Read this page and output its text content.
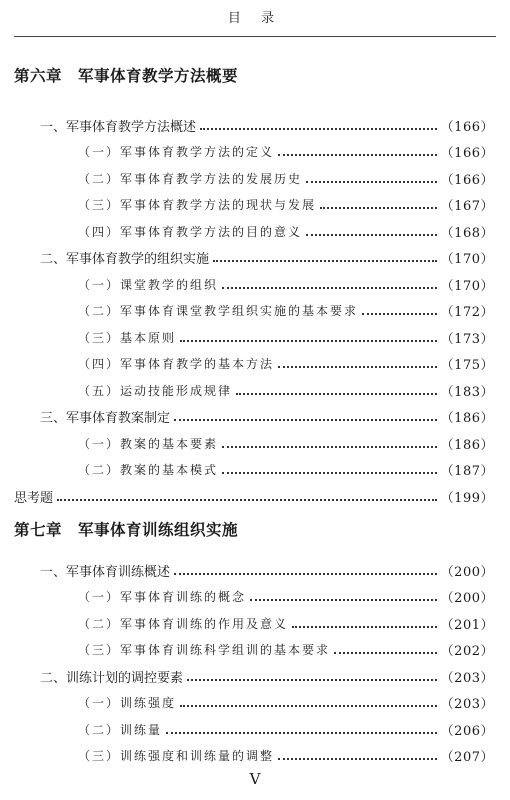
目 录
第六章 军事体育教学方法概要
一、军事体育教学方法概述	（166）
（一）军事体育教学方法的定义	（166）
（二）军事体育教学方法的发展历史	（166）
（三）军事体育教学方法的现状与发展	（167）
（四）军事体育教学方法的目的意义	（168）
二、军事体育教学的组织实施	（170）
（一）课堂教学的组织	（170）
（二）军事体育课堂教学组织实施的基本要求	（172）
（三）基本原则	（173）
（四）军事体育教学的基本方法	（175）
（五）运动技能形成规律	（183）
三、军事体育教案制定	（186）
（一）教案的基本要素	（186）
（二）教案的基本模式	（187）
思考题	（199）
第七章 军事体育训练组织实施
一、军事体育训练概述	（200）
（一）军事体育训练的概念	（200）
（二）军事体育训练的作用及意义	（201）
（三）军事体育训练科学组训的基本要求	（202）
二、训练计划的调控要素	（203）
（一）训练强度	（203）
（二）训练量	（206）
（三）训练强度和训练量的调整	（207）
V
